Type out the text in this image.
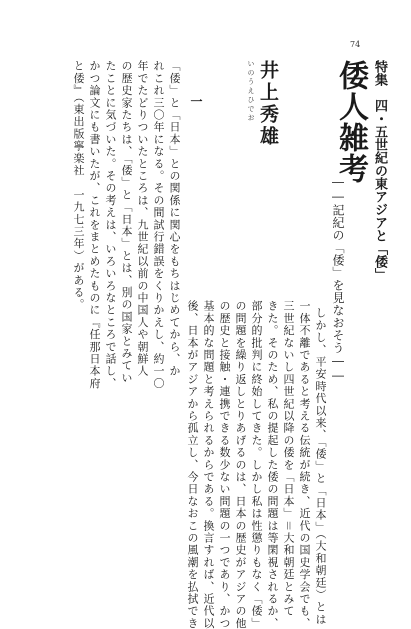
74
特集　四・五世紀の東アジアと「倭」
倭人雑考
――記紀の「倭」を見なおそう――
いのうえひでお 井上秀雄
一
「倭」と「日本」との関係に関心をもちはじめてから、か
れこれ三〇年になる。その間試行錯誤をくりかえし、約一〇
年でたどりついたところは、九世紀以前の中国人や朝鮮人
の歴史家たちは、「倭」と「日本」とは、別の国家とみてい
たことに気づいた。その考えは、いろいろなところで話し、
かつ論文にも書いたが、これをまとめたものに『任那日本府
と倭』（東出版寧楽社　一九七三年）がある。
しかし、平安時代以来、「倭」と「日本」（大和朝廷）とは
一体不離であると考える伝統が続き、近代の国史学会でも、
三世紀ないし四世紀以降の倭を「日本」＝大和朝廷とみて
きた。そのため、私の提起した倭の問題は等閑視されるか、
部分的批判に終始してきた。しかし私は性懲りもなく「倭」
の問題を繰り返しとりあげるのは、日本の歴史がアジアの他
の歴史と接触・連携できる数少ない問題の一つであり、かつ
基本的な問題と考えられるからである。換言すれば、近代以
後、日本がアジアから孤立し、今日なおこの風潮を払拭でき
